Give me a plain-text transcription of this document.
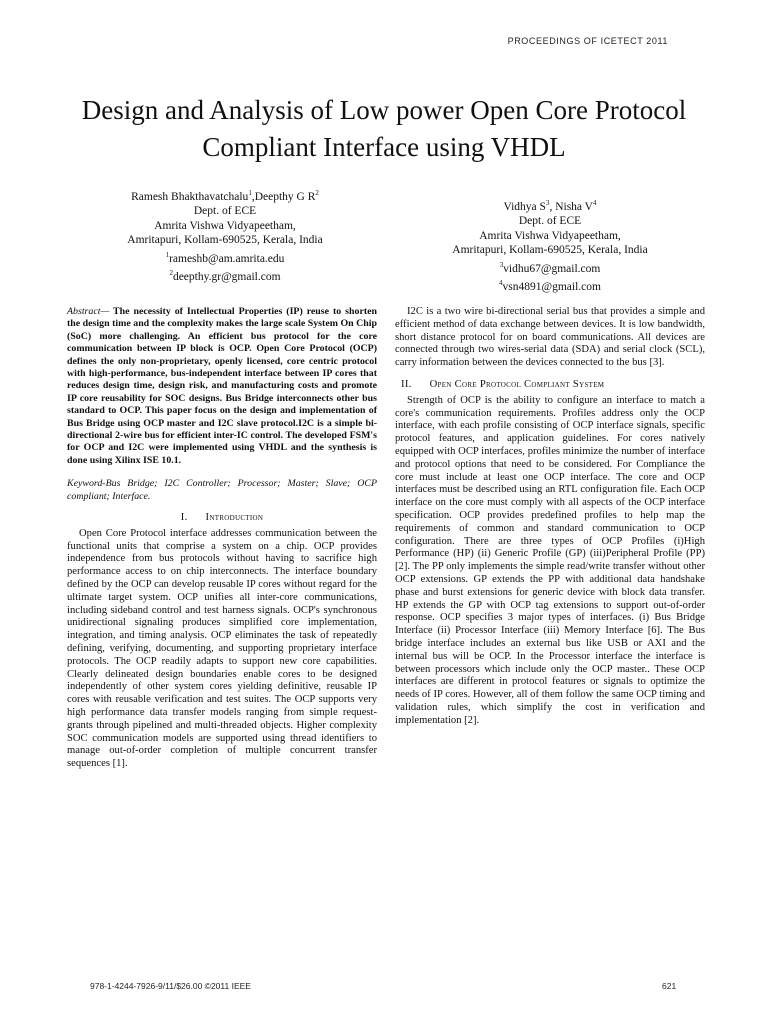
PROCEEDINGS OF ICETECT 2011
Design and Analysis of Low power Open Core Protocol Compliant Interface using VHDL
Ramesh Bhakthavatchalu$^1$,Deepthy G $R^2$
Dept. of ECE
Amrita Vishwa Vidyapeetham,
Amritapuri, Kollam-690525, Kerala, India
$^1$rameshb@am.amrita.edu
$^2$deepthy.gr@gmail.com
Vidhya $S^3$, Nisha $V^4$
Dept. of ECE
Amrita Vishwa Vidyapeetham,
Amritapuri, Kollam-690525, Kerala, India
$^3$vidhu67@gmail.com
$^4$vsn4891@gmail.com
Abstract— The necessity of Intellectual Properties (IP) reuse to shorten the design time and the complexity makes the large scale System On Chip (SoC) more challenging. An efficient bus protocol for the core communication between IP block is OCP. Open Core Protocol (OCP) defines the only non-proprietary, openly licensed, core centric protocol with high-performance, bus-independent interface between IP cores that reduces design time, design risk, and manufacturing costs and promote IP core reusability for SOC designs. Bus Bridge interconnects other bus standard to OCP. This paper focus on the design and implementation of Bus Bridge using OCP master and I2C slave protocol.I2C is a simple bi-directional 2-wire bus for efficient inter-IC control. The developed FSM's for OCP and I2C were implemented using VHDL and the synthesis is done using Xilinx ISE 10.1.
Keyword-Bus Bridge; I2C Controller; Processor; Master; Slave; OCP compliant; Interface.
I. Introduction

Open Core Protocol interface addresses communication between the functional units that comprise a system on a chip. OCP provides independence from bus protocols without having to sacrifice high performance access to on chip interconnects. The interface boundary defined by the OCP can develop reusable IP cores without regard for the ultimate target system. OCP unifies all inter-core communications, including sideband control and test harness signals. OCP's synchronous unidirectional signaling produces simplified core implementation, integration, and timing analysis. OCP eliminates the task of repeatedly defining, verifying, documenting, and supporting proprietary interface protocols. The OCP readily adapts to support new core capabilities. Clearly delineated design boundaries enable cores to be designed independently of other system cores yielding definitive, reusable IP cores with reusable verification and test suites. The OCP supports very high performance data transfer models ranging from simple request-grants through pipelined and multi-threaded objects. Higher complexity SOC communication models are supported using thread identifiers to manage out-of-order completion of multiple concurrent transfer sequences [1].

I2C is a two wire bi-directional serial bus that provides a simple and efficient method of data exchange between devices. It is low bandwidth, short distance protocol for on board communications. All devices are connected through two wires-serial data (SDA) and serial clock (SCL), carry information between the devices connected to the bus [3].

II. Open Core Protocol Compliant System

Strength of OCP is the ability to configure an interface to match a core's communication requirements. Profiles address only the OCP interface, with each profile consisting of OCP interface signals, specific protocol features, and application guidelines. For cores natively equipped with OCP interfaces, profiles minimize the number of interface and protocol options that need to be considered. For Compliance the core must include at least one OCP interface. The core and OCP interfaces must be described using an RTL configuration file. Each OCP interface on the core must comply with all aspects of the OCP interface specification. OCP provides predefined profiles to help map the requirements of common and standard communication to OCP configuration. There are three types of OCP Profiles (i)High Performance (HP) (ii) Generic Profile (GP) (iii)Peripheral Profile (PP) [2]. The PP only implements the simple read/write transfer without other OCP extensions. GP extends the PP with additional data handshake phase and burst extensions for generic device with block data transfer. HP extends the GP with OCP tag extensions to support out-of-order response. OCP specifies 3 major types of interfaces. (i) Bus Bridge Interface (ii) Processor Interface (iii) Memory Interface [6]. The Bus bridge interface includes an external bus like USB or AXI and the internal bus will be OCP. In the Processor interface the interface is between processors which include only the OCP master.. These OCP interfaces are different in protocol features or signals to optimize the needs of IP cores. However, all of them follow the same OCP timing and validation rules, which simplify the cost in verification and implementation [2].

978-1-4244-7926-9/11/$26.00 ©2011 IEEE	621
